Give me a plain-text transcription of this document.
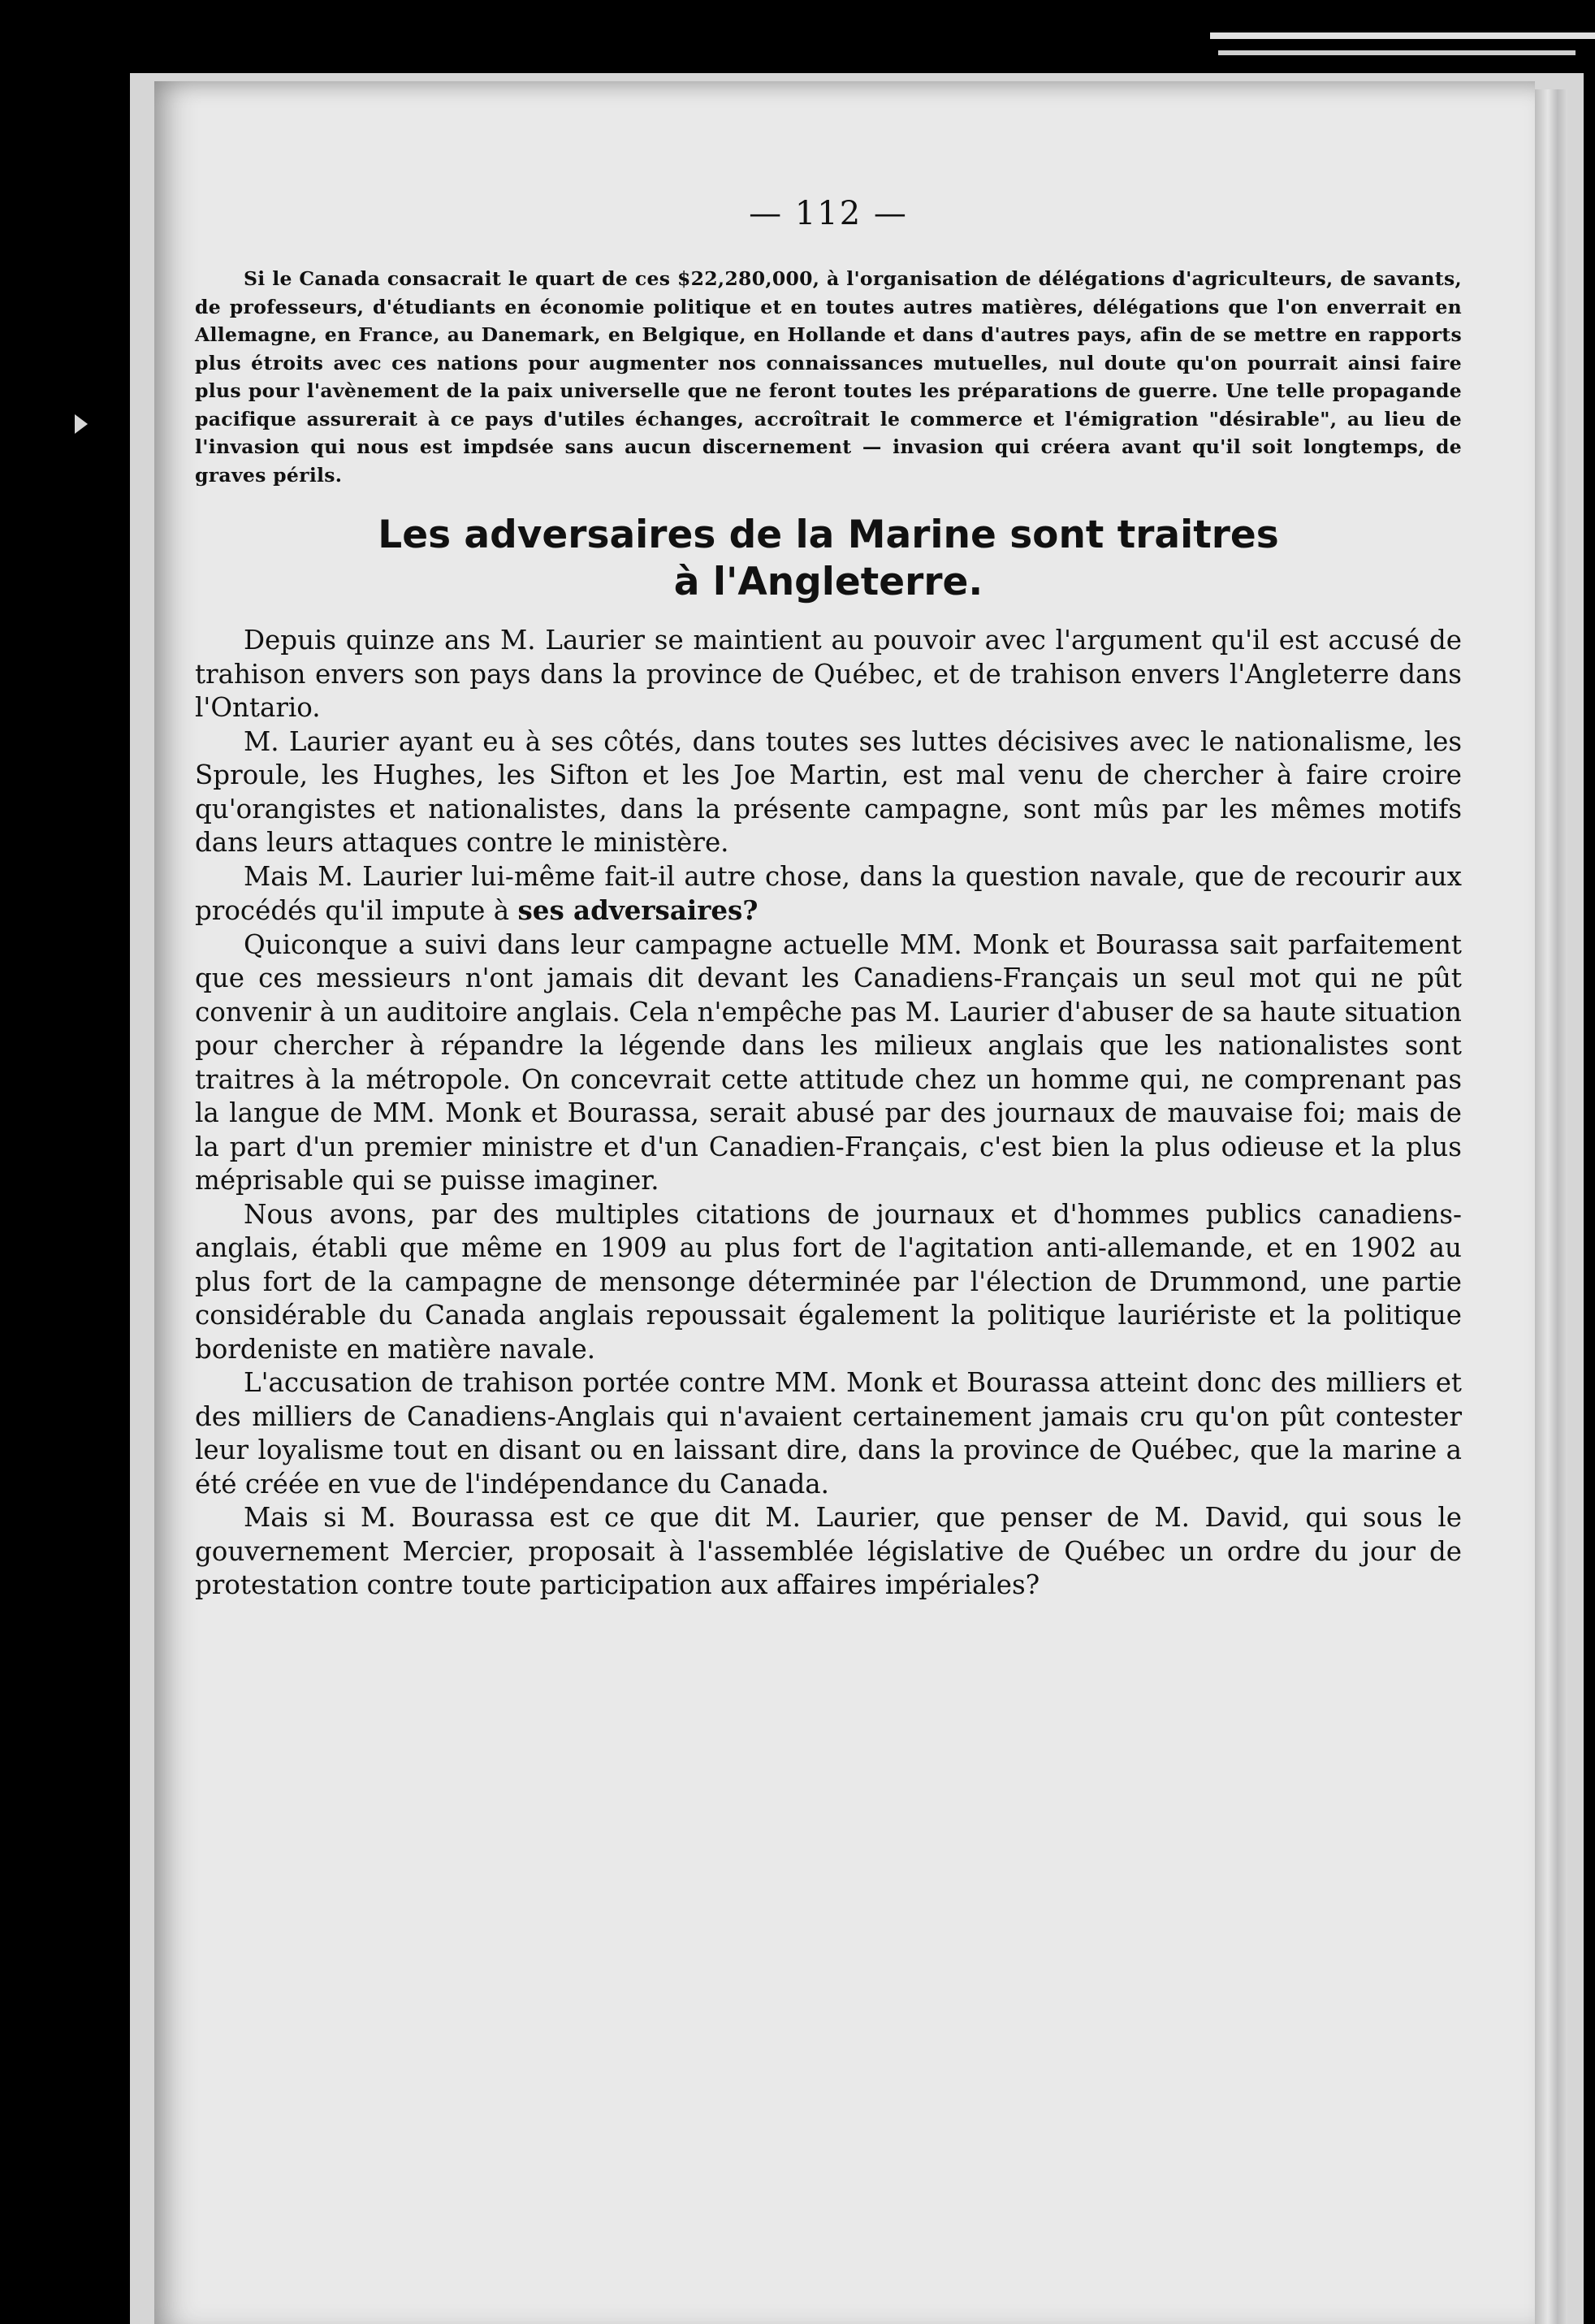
— 112 —
Si le Canada consacrait le quart de ces $22,280,000, à l'organisation de délégations d'agriculteurs, de savants, de professeurs, d'étudiants en économie politique et en toutes autres matières, délégations que l'on enverrait en Allemagne, en France, au Danemark, en Belgique, en Hollande et dans d'autres pays, afin de se mettre en rapports plus étroits avec ces nations pour augmenter nos connaissances mutuelles, nul doute qu'on pourrait ainsi faire plus pour l'avènement de la paix universelle que ne feront toutes les préparations de guerre. Une telle propagande pacifique assurerait à ce pays d'utiles échanges, accroîtrait le commerce et l'émigration "désirable", au lieu de l'invasion qui nous est impdsée sans aucun discernement — invasion qui créera avant qu'il soit longtemps, de graves périls.
Les adversaires de la Marine sont traitres
à l'Angleterre.

Depuis quinze ans M. Laurier se maintient au pouvoir avec l'argument qu'il est accusé de trahison envers son pays dans la province de Québec, et de trahison envers l'Angleterre dans l'Ontario.

M. Laurier ayant eu à ses côtés, dans toutes ses luttes décisives avec le nationalisme, les Sproule, les Hughes, les Sifton et les Joe Martin, est mal venu de chercher à faire croire qu'orangistes et nationalistes, dans la présente campagne, sont mûs par les mêmes motifs dans leurs attaques contre le ministère.

Mais M. Laurier lui-même fait-il autre chose, dans la question navale, que de recourir aux procédés qu'il impute à ses adversaires?

Quiconque a suivi dans leur campagne actuelle MM. Monk et Bourassa sait parfaitement que ces messieurs n'ont jamais dit devant les Canadiens-Français un seul mot qui ne pût convenir à un auditoire anglais. Cela n'empêche pas M. Laurier d'abuser de sa haute situation pour chercher à répandre la légende dans les milieux anglais que les nationalistes sont traitres à la métropole. On concevrait cette attitude chez un homme qui, ne comprenant pas la langue de MM. Monk et Bourassa, serait abusé par des journaux de mauvaise foi; mais de la part d'un premier ministre et d'un Canadien-Français, c'est bien la plus odieuse et la plus méprisable qui se puisse imaginer.

Nous avons, par des multiples citations de journaux et d'hommes publics canadiens-anglais, établi que même en 1909 au plus fort de l'agitation anti-allemande, et en 1902 au plus fort de la campagne de mensonge déterminée par l'élection de Drummond, une partie considérable du Canada anglais repoussait également la politique lauriériste et la politique bordeniste en matière navale.

L'accusation de trahison portée contre MM. Monk et Bourassa atteint donc des milliers et des milliers de Canadiens-Anglais qui n'avaient certainement jamais cru qu'on pût contester leur loyalisme tout en disant ou en laissant dire, dans la province de Québec, que la marine a été créée en vue de l'indépendance du Canada.

Mais si M. Bourassa est ce que dit M. Laurier, que penser de M. David, qui sous le gouvernement Mercier, proposait à l'assemblée législative de Québec un ordre du jour de protestation contre toute participation aux affaires impériales?
